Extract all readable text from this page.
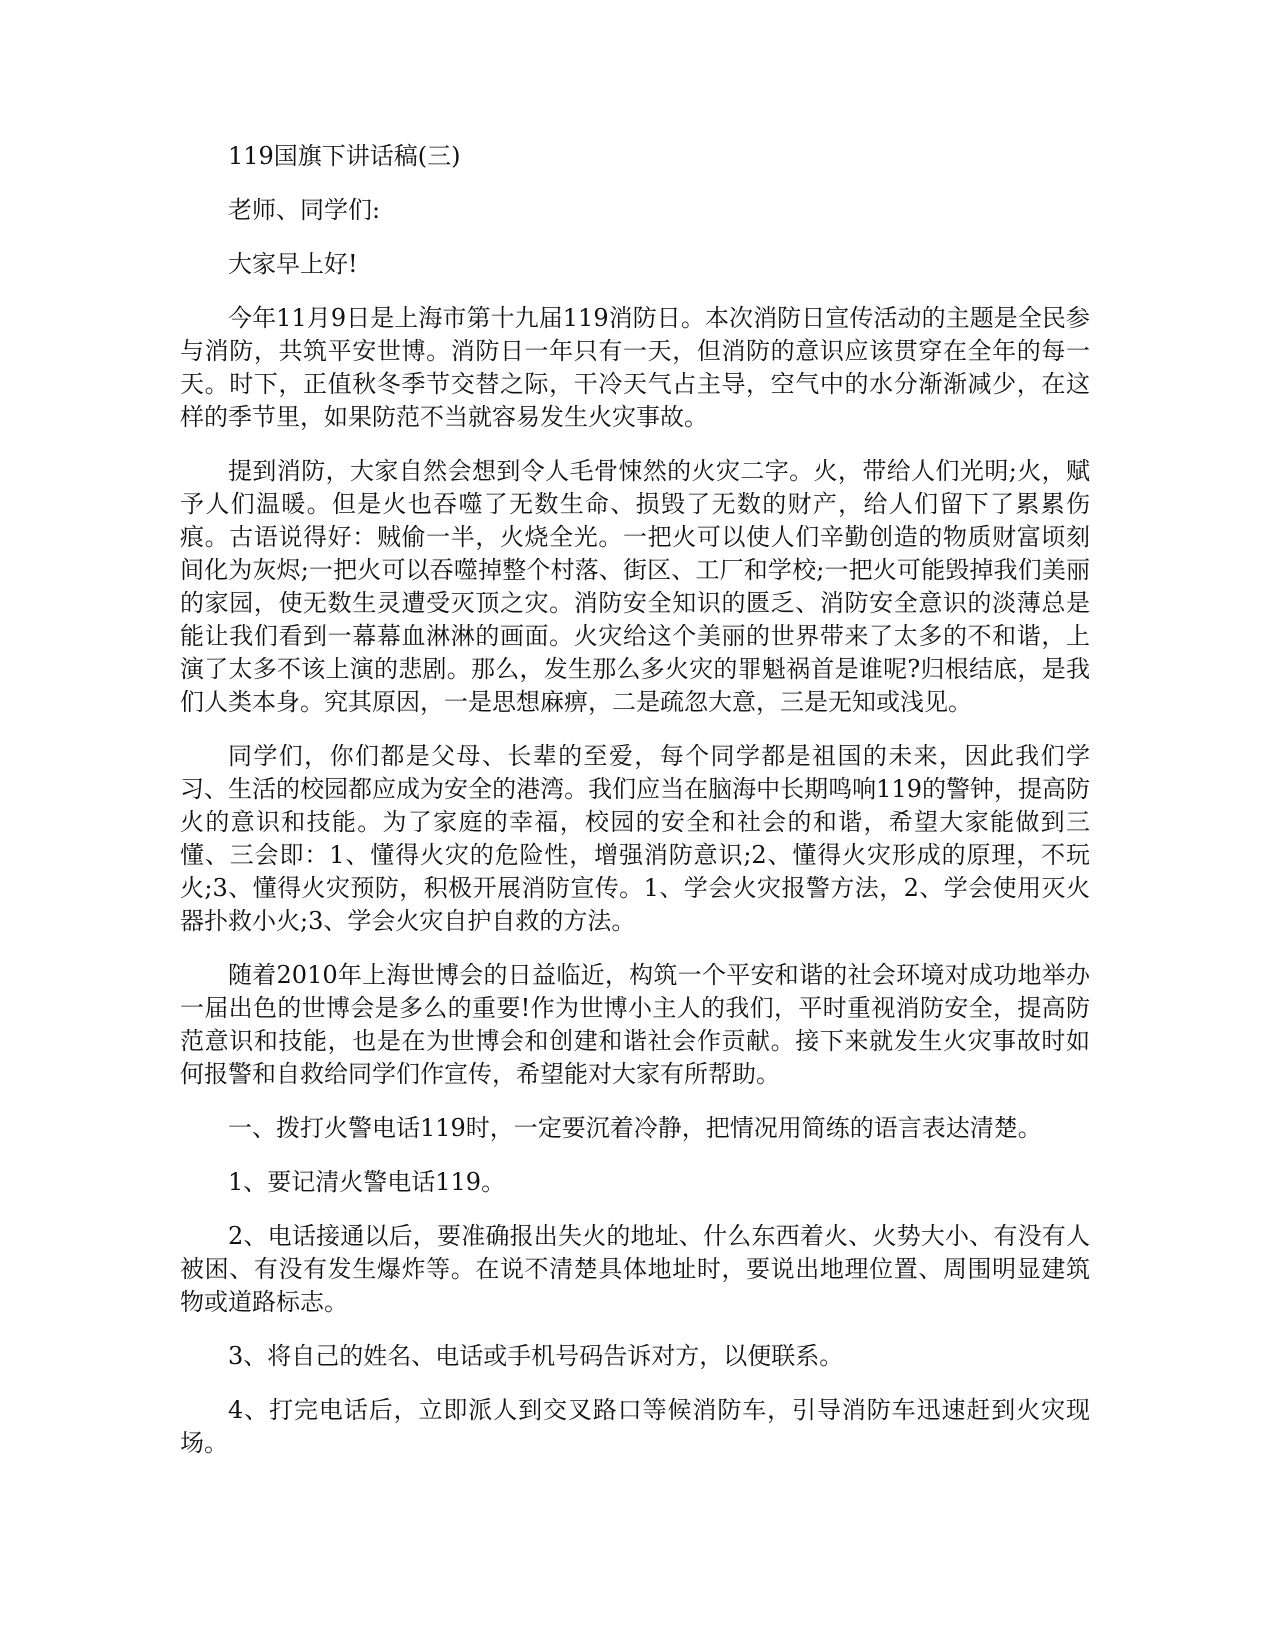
119国旗下讲话稿(三)

老师、同学们:

大家早上好!

今年11月9日是上海市第十九届119消防日。本次消防日宣传活动的主题是全民参与消防，共筑平安世博。消防日一年只有一天，但消防的意识应该贯穿在全年的每一天。时下，正值秋冬季节交替之际，干冷天气占主导，空气中的水分渐渐减少，在这样的季节里，如果防范不当就容易发生火灾事故。

提到消防，大家自然会想到令人毛骨悚然的火灾二字。火，带给人们光明;火，赋予人们温暖。但是火也吞噬了无数生命、损毁了无数的财产，给人们留下了累累伤痕。古语说得好：贼偷一半，火烧全光。一把火可以使人们辛勤创造的物质财富顷刻间化为灰烬;一把火可以吞噬掉整个村落、街区、工厂和学校;一把火可能毁掉我们美丽的家园，使无数生灵遭受灭顶之灾。消防安全知识的匮乏、消防安全意识的淡薄总是能让我们看到一幕幕血淋淋的画面。火灾给这个美丽的世界带来了太多的不和谐，上演了太多不该上演的悲剧。那么，发生那么多火灾的罪魁祸首是谁呢?归根结底，是我们人类本身。究其原因，一是思想麻痹，二是疏忽大意，三是无知或浅见。

同学们，你们都是父母、长辈的至爱，每个同学都是祖国的未来，因此我们学习、生活的校园都应成为安全的港湾。我们应当在脑海中长期鸣响119的警钟，提高防火的意识和技能。为了家庭的幸福，校园的安全和社会的和谐，希望大家能做到三懂、三会即：1、懂得火灾的危险性，增强消防意识;2、懂得火灾形成的原理，不玩火;3、懂得火灾预防，积极开展消防宣传。1、学会火灾报警方法，2、学会使用灭火器扑救小火;3、学会火灾自护自救的方法。

随着2010年上海世博会的日益临近，构筑一个平安和谐的社会环境对成功地举办一届出色的世博会是多么的重要!作为世博小主人的我们，平时重视消防安全，提高防范意识和技能，也是在为世博会和创建和谐社会作贡献。接下来就发生火灾事故时如何报警和自救给同学们作宣传，希望能对大家有所帮助。

一、拨打火警电话119时，一定要沉着冷静，把情况用简练的语言表达清楚。

1、要记清火警电话119。

2、电话接通以后，要准确报出失火的地址、什么东西着火、火势大小、有没有人被困、有没有发生爆炸等。在说不清楚具体地址时，要说出地理位置、周围明显建筑物或道路标志。

3、将自己的姓名、电话或手机号码告诉对方，以便联系。

4、打完电话后，立即派人到交叉路口等候消防车，引导消防车迅速赶到火灾现场。
